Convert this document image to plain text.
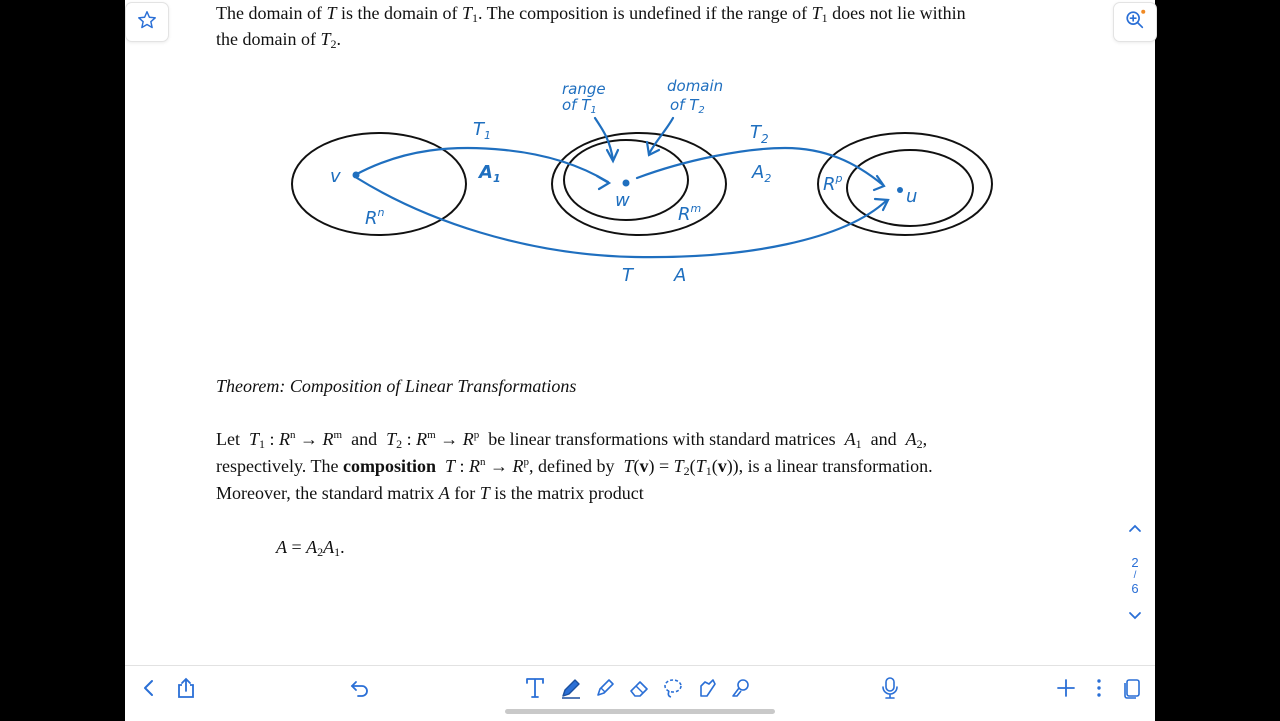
The domain of T is the domain of $T_1$. The composition is undefined if the range of $T_1$ does not lie within
the domain of $T_2$.
range
of $T_1$
domain
of $T_2$
$T_1$
$A_1$
$T_2$
$A_2$
v
w	u
$R^n$	$R^m$
$R^p$
T A
Theorem: Composition of Linear Transformations
Let $T_1$ : $R^n \to R^m$ and $T_2$ : $R^m \to R^p$ be linear transformations with standard matrices $A_1$ and $A_2$,
respectively. The composition T : $R^n \to R^p$, defined by $T(v) = T_2(T_1(v))$, is a linear transformation.
Moreover, the standard matrix A for T is the matrix product
$A = A_2A_1$.
2
/
6
